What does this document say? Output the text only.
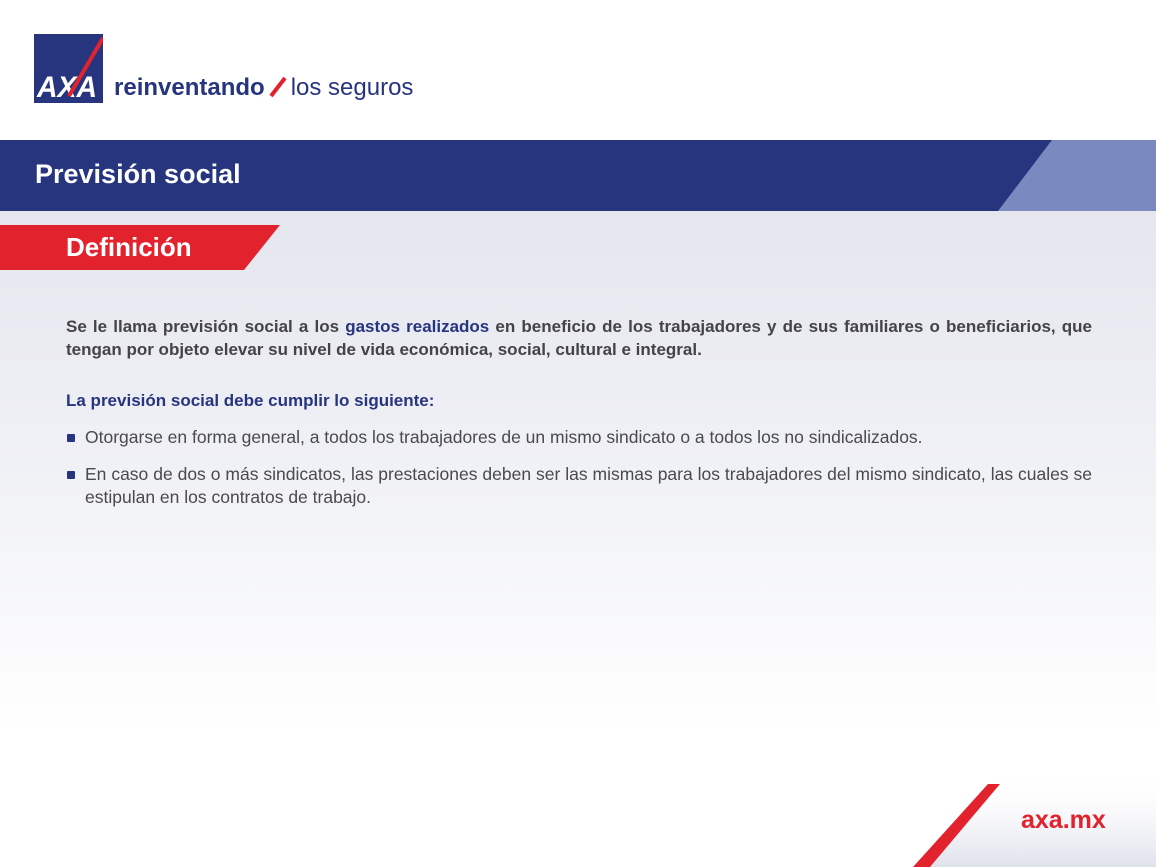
AXA reinventando los seguros
Previsión social
Definición
Se le llama previsión social a los gastos realizados en beneficio de los trabajadores y de sus familiares o beneficiarios, que tengan por objeto elevar su nivel de vida económica, social, cultural e integral.
La previsión social debe cumplir lo siguiente:
Otorgarse en forma general, a todos los trabajadores de un mismo sindicato o a todos los no sindicalizados.
En caso de dos o más sindicatos, las prestaciones deben ser las mismas para los trabajadores del mismo sindicato, las cuales se estipulan en los contratos de trabajo.
axa.mx
